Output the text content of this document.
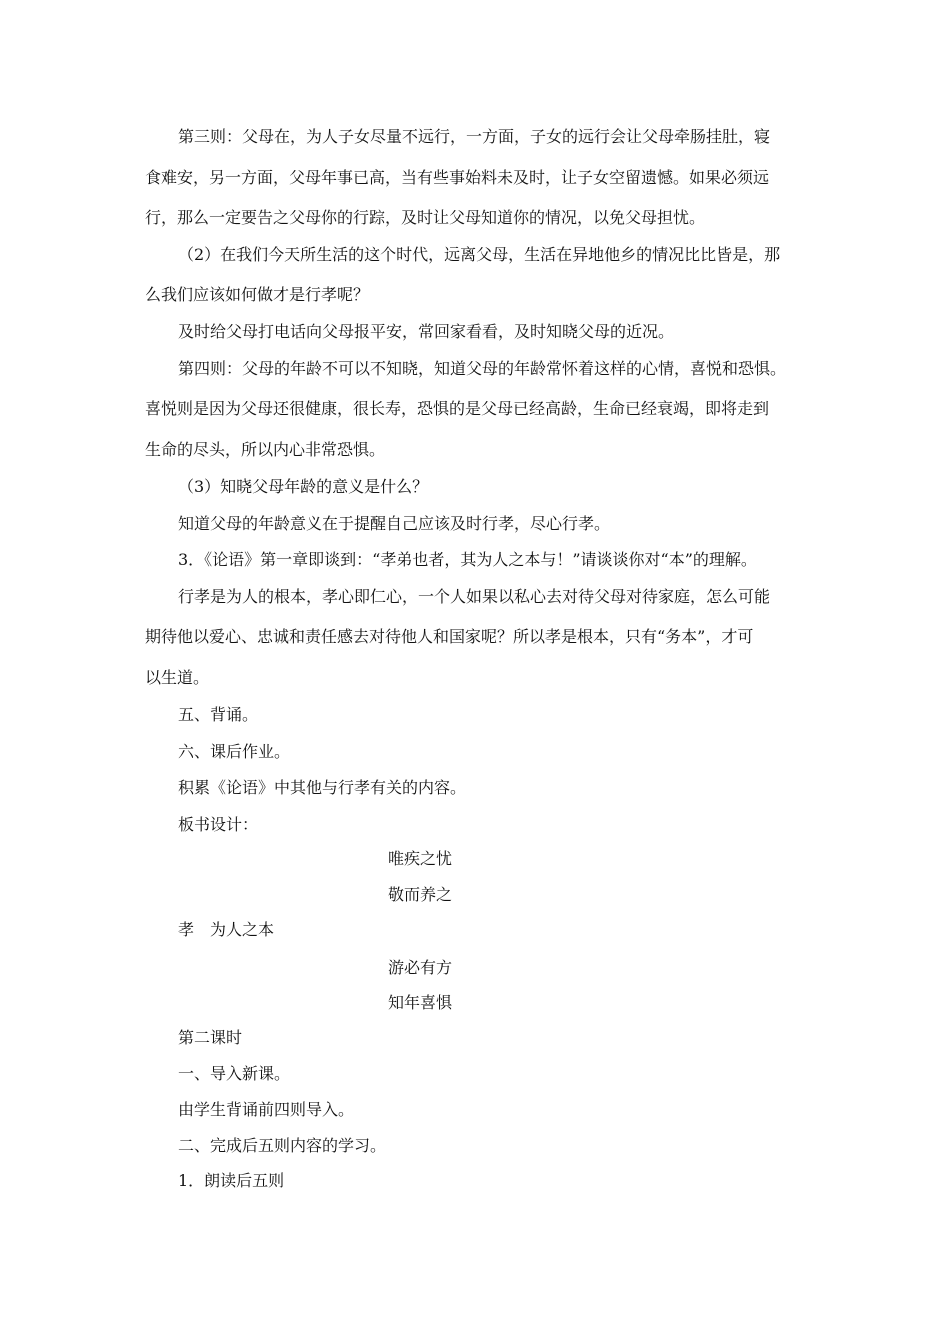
第三则：父母在，为人子女尽量不远行，一方面，子女的远行会让父母牵肠挂肚，寝
食难安，另一方面，父母年事已高，当有些事始料未及时，让子女空留遗憾。如果必须远
行，那么一定要告之父母你的行踪，及时让父母知道你的情况，以免父母担忧。
（2）在我们今天所生活的这个时代，远离父母，生活在异地他乡的情况比比皆是，那
么我们应该如何做才是行孝呢？
及时给父母打电话向父母报平安，常回家看看，及时知晓父母的近况。
第四则：父母的年龄不可以不知晓，知道父母的年龄常怀着这样的心情，喜悦和恐惧。
喜悦则是因为父母还很健康，很长寿，恐惧的是父母已经高龄，生命已经衰竭，即将走到
生命的尽头，所以内心非常恐惧。
（3）知晓父母年龄的意义是什么？
知道父母的年龄意义在于提醒自己应该及时行孝，尽心行孝。
3．《论语》第一章即谈到：“孝弟也者，其为人之本与！”请谈谈你对“本”的理解。
行孝是为人的根本，孝心即仁心，一个人如果以私心去对待父母对待家庭，怎么可能
期待他以爱心、忠诚和责任感去对待他人和国家呢？所以孝是根本，只有“务本”，才可
以生道。
五、背诵。
六、课后作业。
积累《论语》中其他与行孝有关的内容。
板书设计：
唯疾之忧
敬而养之
孝　为人之本
游必有方
知年喜惧
第二课时
一、导入新课。
由学生背诵前四则导入。
二、完成后五则内容的学习。
1．朗读后五则
